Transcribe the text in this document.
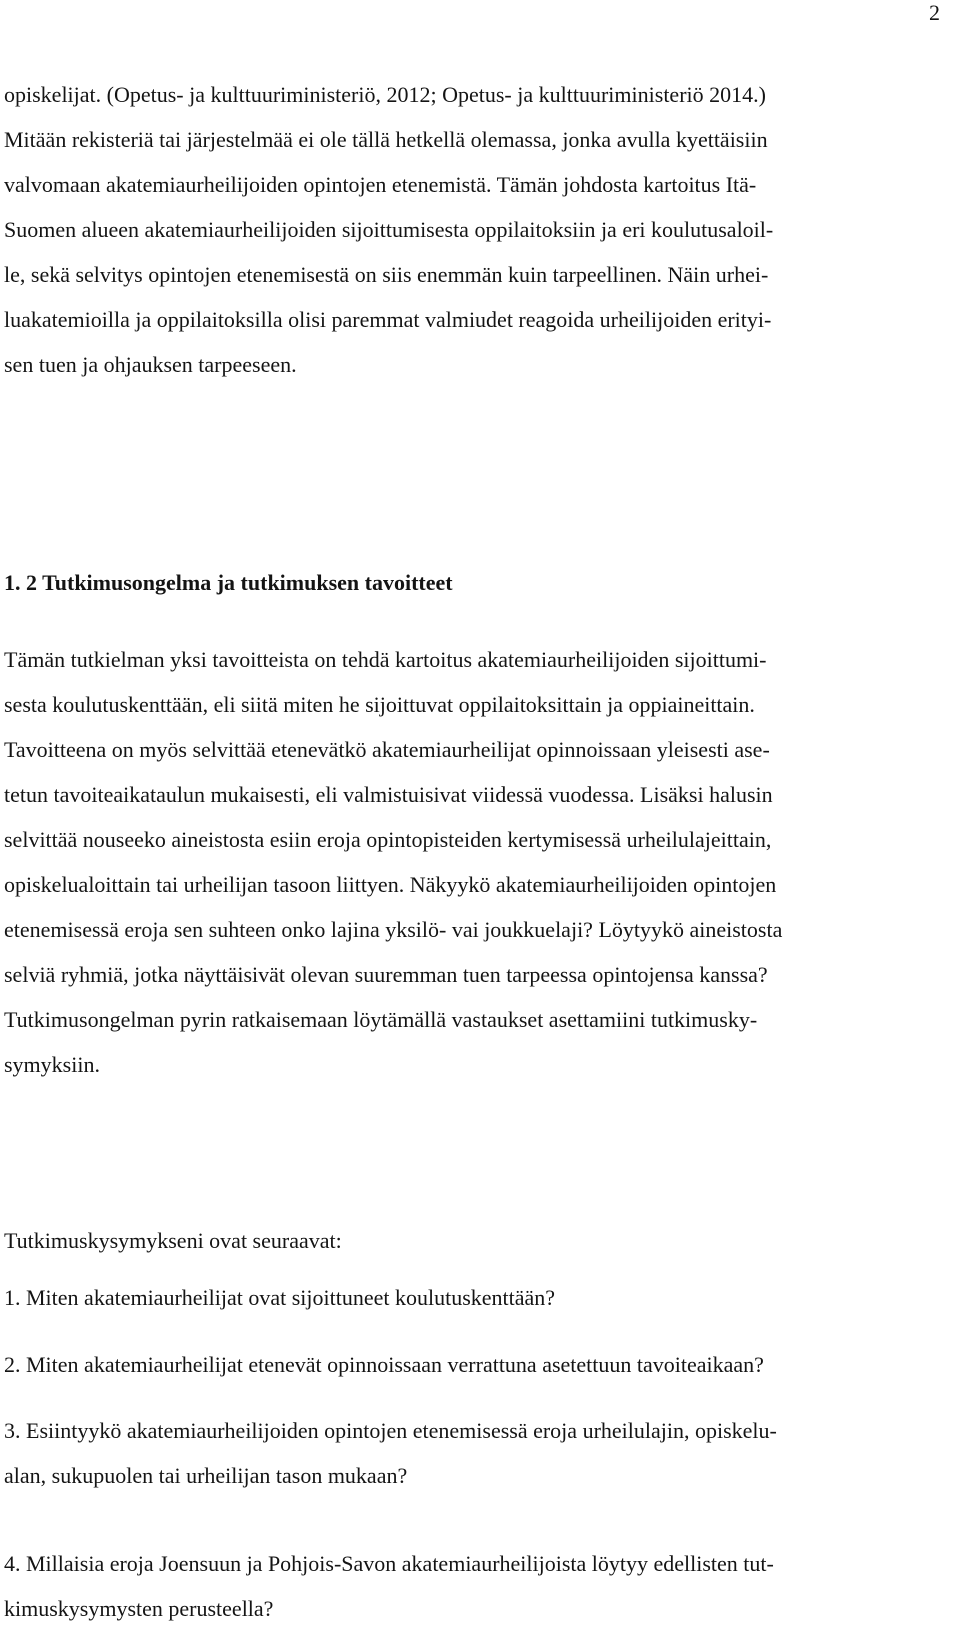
2

opiskelijat. (Opetus- ja kulttuuriministeriö, 2012; Opetus- ja kulttuuriministeriö 2014.)

Mitään rekisteriä tai järjestelmää ei ole tällä hetkellä olemassa, jonka avulla kyettäisiin

valvomaan akatemiaurheilijoiden opintojen etenemistä. Tämän johdosta kartoitus Itä-

Suomen alueen akatemiaurheilijoiden sijoittumisesta oppilaitoksiin ja eri koulutusaloil-

le, sekä selvitys opintojen etenemisestä on siis enemmän kuin tarpeellinen. Näin urhei-

luakatemioilla ja oppilaitoksilla olisi paremmat valmiudet reagoida urheilijoiden erityi-

sen tuen ja ohjauksen tarpeeseen.

1. 2 Tutkimusongelma ja tutkimuksen tavoitteet

Tämän tutkielman yksi tavoitteista on tehdä kartoitus akatemiaurheilijoiden sijoittumi-

sesta koulutuskenttään, eli siitä miten he sijoittuvat oppilaitoksittain ja oppiaineittain.

Tavoitteena on myös selvittää etenevätkö akatemiaurheilijat opinnoissaan yleisesti ase-

tetun tavoiteaikataulun mukaisesti, eli valmistuisivat viidessä vuodessa. Lisäksi halusin

selvittää nouseeko aineistosta esiin eroja opintopisteiden kertymisessä urheilulajeittain,

opiskelualoittain tai urheilijan tasoon liittyen. Näkyykö akatemiaurheilijoiden opintojen

etenemisessä eroja sen suhteen onko lajina yksilö- vai joukkuelaji? Löytyykö aineistosta

selviä ryhmiä, jotka näyttäisivät olevan suuremman tuen tarpeessa opintojensa kanssa?

Tutkimusongelman pyrin ratkaisemaan löytämällä vastaukset asettamiini tutkimusky-

symyksiin.

Tutkimuskysymykseni ovat seuraavat:

1. Miten akatemiaurheilijat ovat sijoittuneet koulutuskenttään?
2. Miten akatemiaurheilijat etenevät opinnoissaan verrattuna asetettuun tavoiteaikaan?
3. Esiintyykö akatemiaurheilijoiden opintojen etenemisessä eroja urheilulajin, opiskelu-
alan, sukupuolen tai urheilijan tason mukaan?
4. Millaisia eroja Joensuun ja Pohjois-Savon akatemiaurheilijoista löytyy edellisten tut-
kimuskysymysten perusteella?
